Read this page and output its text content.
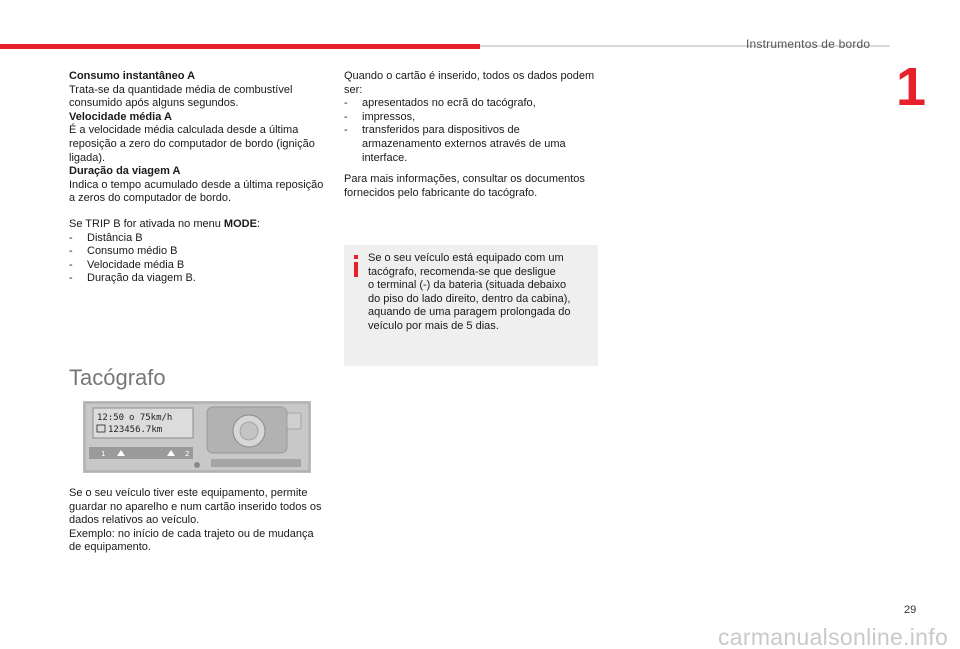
Instrumentos de bordo
1
Consumo instantâneo A
Trata-se da quantidade média de combustível
consumido após alguns segundos.
Velocidade média A
É a velocidade média calculada desde a última
reposição a zero do computador de bordo (ignição
ligada).
Duração da viagem A
Indica o tempo acumulado desde a última reposição
a zeros do computador de bordo.
Se TRIP B for ativada no menu MODE:
-	Distância B
-	Consumo médio B
-	Velocidade média B
-	Duração da viagem B.
Tacógrafo
12:50 o 75km/h
123456.7km
1	2
Se o seu veículo tiver este equipamento, permite
guardar no aparelho e num cartão inserido todos os
dados relativos ao veículo.
Exemplo: no início de cada trajeto ou de mudança
de equipamento.
Quando o cartão é inserido, todos os dados podem
ser:
-	apresentados no ecrã do tacógrafo,
-	impressos,
-	transferidos para dispositivos de armazenamento externos através de uma interface.
Para mais informações, consultar os documentos
fornecidos pelo fabricante do tacógrafo.
Se o seu veículo está equipado com um
tacógrafo, recomenda-se que desligue
o terminal (-) da bateria (situada debaixo
do piso do lado direito, dentro da cabina),
aquando de uma paragem prolongada do
veículo por mais de 5 dias.
29
carmanualsonline.info
